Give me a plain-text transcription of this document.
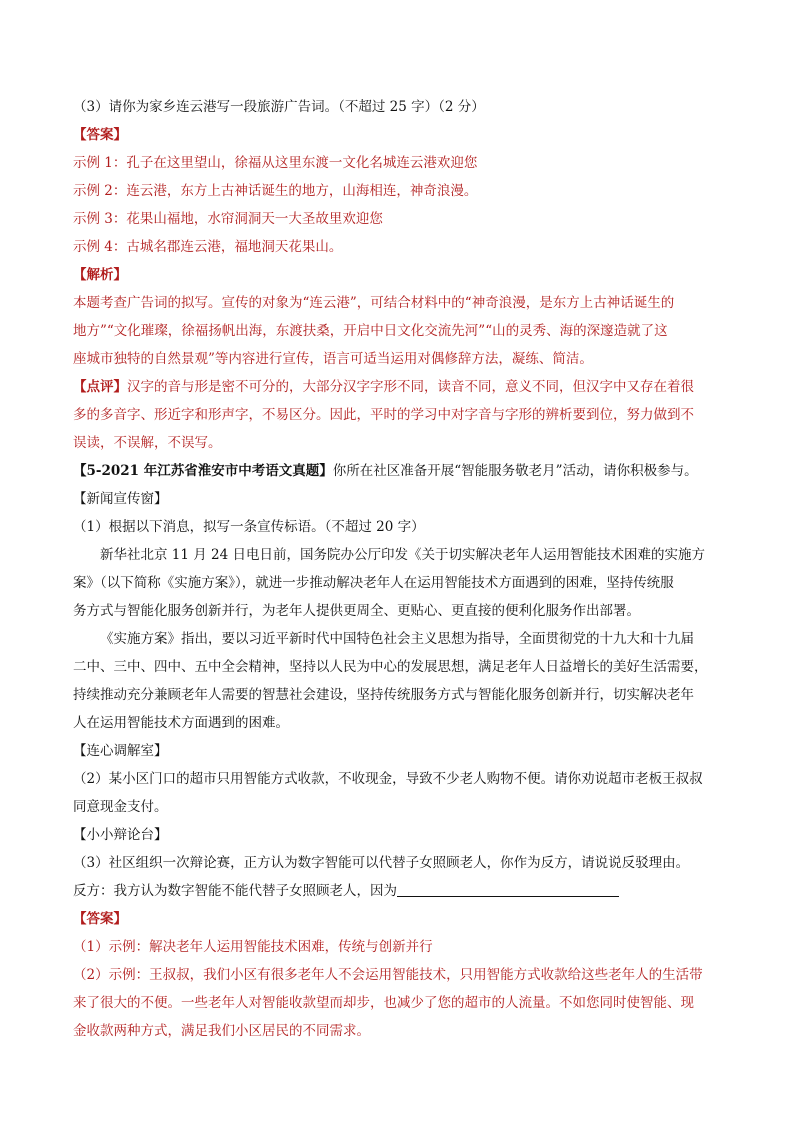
（3）请你为家乡连云港写一段旅游广告词。（不超过 25 字）（2 分）
【答案】
示例 1：孔子在这里望山，徐福从这里东渡一文化名城连云港欢迎您
示例 2：连云港，东方上古神话诞生的地方，山海相连，神奇浪漫。
示例 3：花果山福地，水帘洞洞天一大圣故里欢迎您
示例 4：古城名郡连云港，福地洞天花果山。
【解析】
本题考查广告词的拟写。宣传的对象为“连云港”，可结合材料中的“神奇浪漫，是东方上古神话诞生的
地方”“文化璀璨，徐福扬帆出海，东渡扶桑，开启中日文化交流先河”“山的灵秀、海的深邃造就了这
座城市独特的自然景观”等内容进行宣传，语言可适当运用对偶修辞方法，凝练、简洁。
【点评】汉字的音与形是密不可分的，大部分汉字字形不同，读音不同，意义不同，但汉字中又存在着很
多的多音字、形近字和形声字，不易区分。因此，平时的学习中对字音与字形的辨析要到位，努力做到不
误读，不误解，不误写。
【5-2021 年江苏省淮安市中考语文真题】你所在社区准备开展“智能服务敬老月”活动，请你积极参与。
【新闻宣传窗】
（1）根据以下消息，拟写一条宣传标语。（不超过 20 字）
新华社北京 11 月 24 日电日前，国务院办公厅印发《关于切实解决老年人运用智能技术困难的实施方
案》（以下简称《实施方案》），就进一步推动解决老年人在运用智能技术方面遇到的困难，坚持传统服
务方式与智能化服务创新并行，为老年人提供更周全、更贴心、更直接的便利化服务作出部署。
《实施方案》指出，要以习近平新时代中国特色社会主义思想为指导，全面贯彻党的十九大和十九届
二中、三中、四中、五中全会精神，坚持以人民为中心的发展思想，满足老年人日益增长的美好生活需要，
持续推动充分兼顾老年人需要的智慧社会建设，坚持传统服务方式与智能化服务创新并行，切实解决老年
人在运用智能技术方面遇到的困难。
【连心调解室】
（2）某小区门口的超市只用智能方式收款，不收现金，导致不少老人购物不便。请你劝说超市老板王叔叔
同意现金支付。
【小小辩论台】
（3）社区组织一次辩论赛，正方认为数字智能可以代替子女照顾老人，你作为反方，请说说反驳理由。
反方：我方认为数字智能不能代替子女照顾老人，因为
【答案】
（1）示例：解决老年人运用智能技术困难，传统与创新并行
（2）示例：王叔叔，我们小区有很多老年人不会运用智能技术，只用智能方式收款给这些老年人的生活带
来了很大的不便。一些老年人对智能收款望而却步，也减少了您的超市的人流量。不如您同时使智能、现
金收款两种方式，满足我们小区居民的不同需求。
